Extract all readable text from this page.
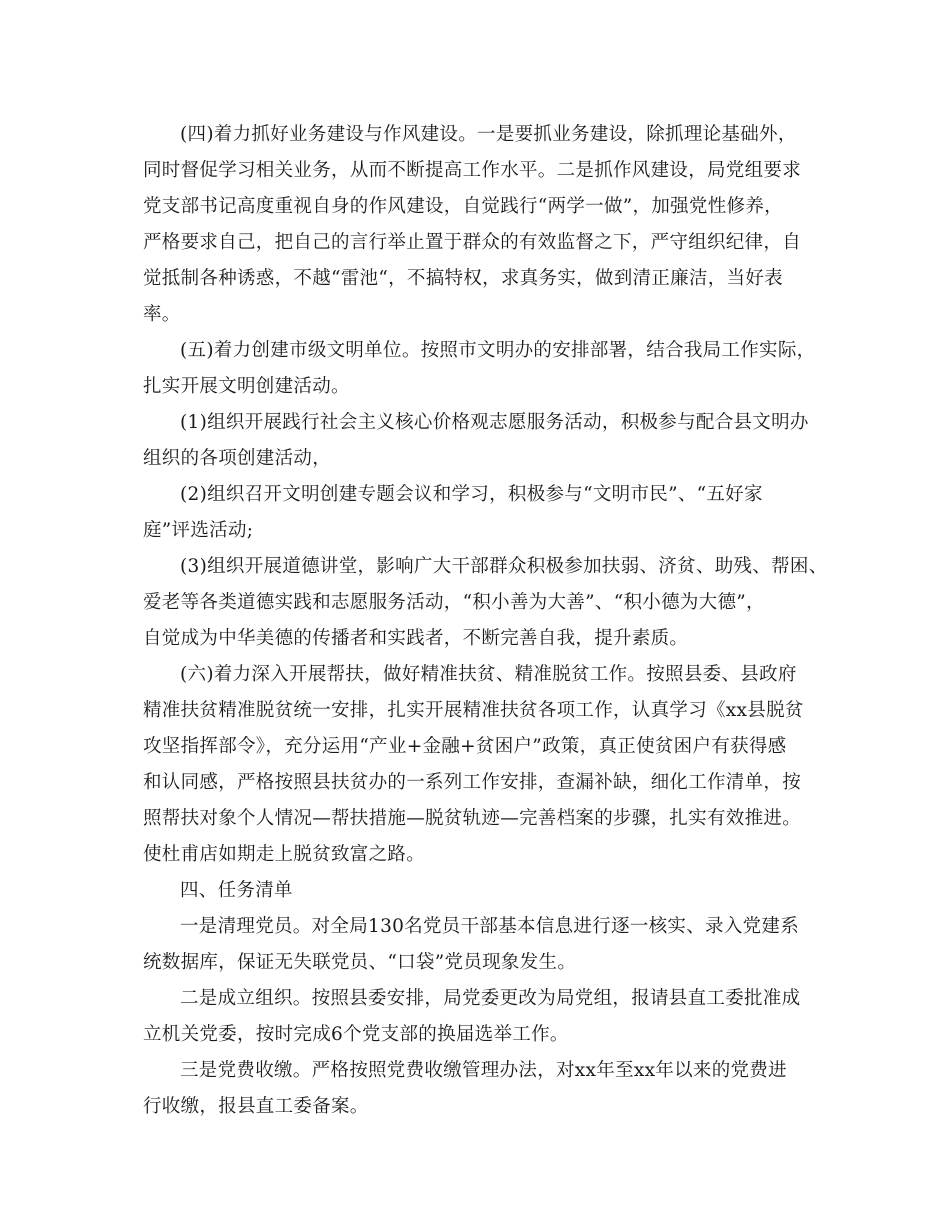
(四)着力抓好业务建设与作风建设。一是要抓业务建设，除抓理论基础外，
同时督促学习相关业务，从而不断提高工作水平。二是抓作风建设，局党组要求
党支部书记高度重视自身的作风建设，自觉践行“两学一做”，加强党性修养，
严格要求自己，把自己的言行举止置于群众的有效监督之下，严守组织纪律，自
觉抵制各种诱惑，不越“雷池“，不搞特权，求真务实，做到清正廉洁，当好表
率。
(五)着力创建市级文明单位。按照市文明办的安排部署，结合我局工作实际，
扎实开展文明创建活动。
(1)组织开展践行社会主义核心价格观志愿服务活动，积极参与配合县文明办
组织的各项创建活动，
(2)组织召开文明创建专题会议和学习，积极参与“文明市民”、“五好家
庭”评选活动;
(3)组织开展道德讲堂，影响广大干部群众积极参加扶弱、济贫、助残、帮困、
爱老等各类道德实践和志愿服务活动，“积小善为大善”、“积小德为大德”，
自觉成为中华美德的传播者和实践者，不断完善自我，提升素质。
(六)着力深入开展帮扶，做好精准扶贫、精准脱贫工作。按照县委、县政府
精准扶贫精准脱贫统一安排，扎实开展精准扶贫各项工作，认真学习《xx县脱贫
攻坚指挥部令》，充分运用“产业+金融+贫困户”政策，真正使贫困户有获得感
和认同感，严格按照县扶贫办的一系列工作安排，查漏补缺，细化工作清单，按
照帮扶对象个人情况—帮扶措施—脱贫轨迹—完善档案的步骤，扎实有效推进。
使杜甫店如期走上脱贫致富之路。
四、任务清单
一是清理党员。对全局130名党员干部基本信息进行逐一核实、录入党建系
统数据库，保证无失联党员、“口袋”党员现象发生。
二是成立组织。按照县委安排，局党委更改为局党组，报请县直工委批准成
立机关党委，按时完成6个党支部的换届选举工作。
三是党费收缴。严格按照党费收缴管理办法，对xx年至xx年以来的党费进
行收缴，报县直工委备案。
